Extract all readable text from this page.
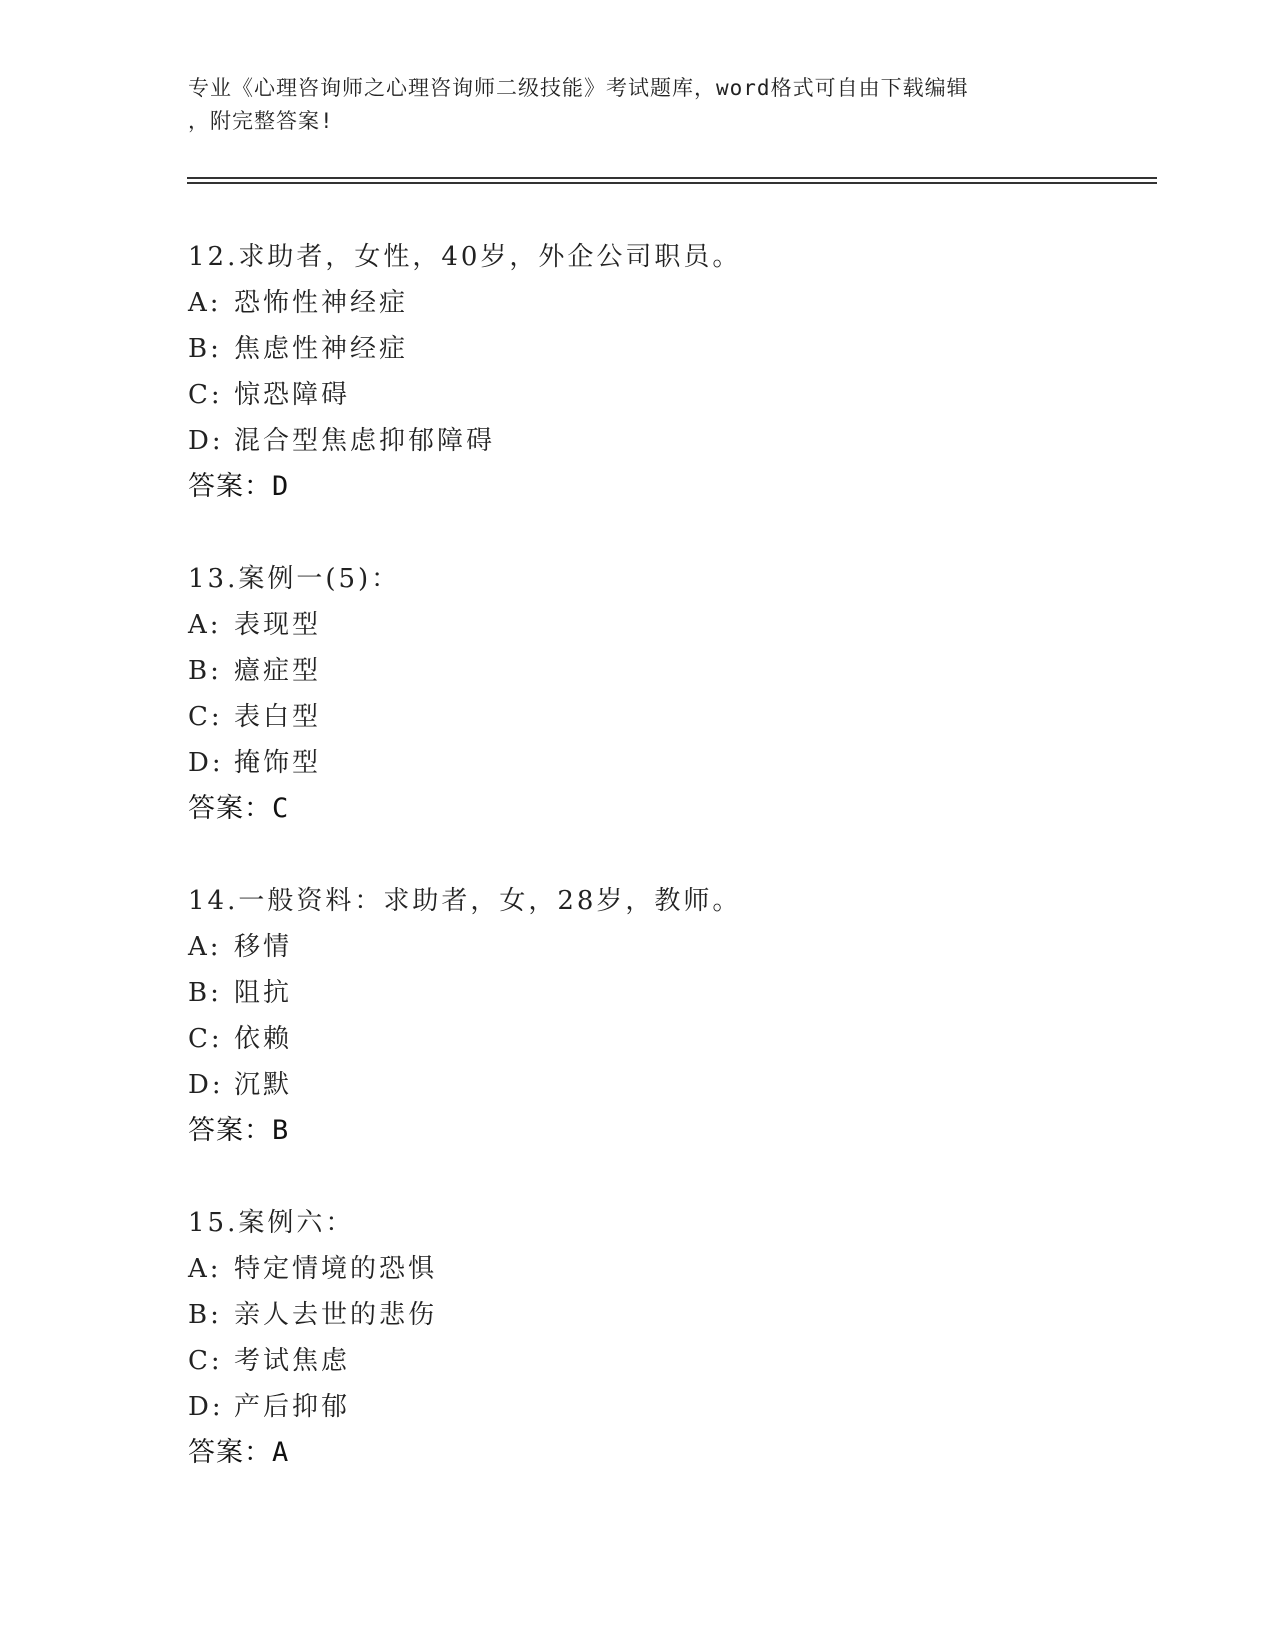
专业《心理咨询师之心理咨询师二级技能》考试题库，word格式可自由下载编辑
，附完整答案!
12.求助者，女性，40岁，外企公司职员。
A: 恐怖性神经症
B: 焦虑性神经症
C: 惊恐障碍
D: 混合型焦虑抑郁障碍
答案：D
13.案例一(5)：
A: 表现型
B: 癔症型
C: 表白型
D: 掩饰型
答案：C
14.一般资料：求助者，女，28岁，教师。
A: 移情
B: 阻抗
C: 依赖
D: 沉默
答案：B
15.案例六：
A: 特定情境的恐惧
B: 亲人去世的悲伤
C: 考试焦虑
D: 产后抑郁
答案：A
